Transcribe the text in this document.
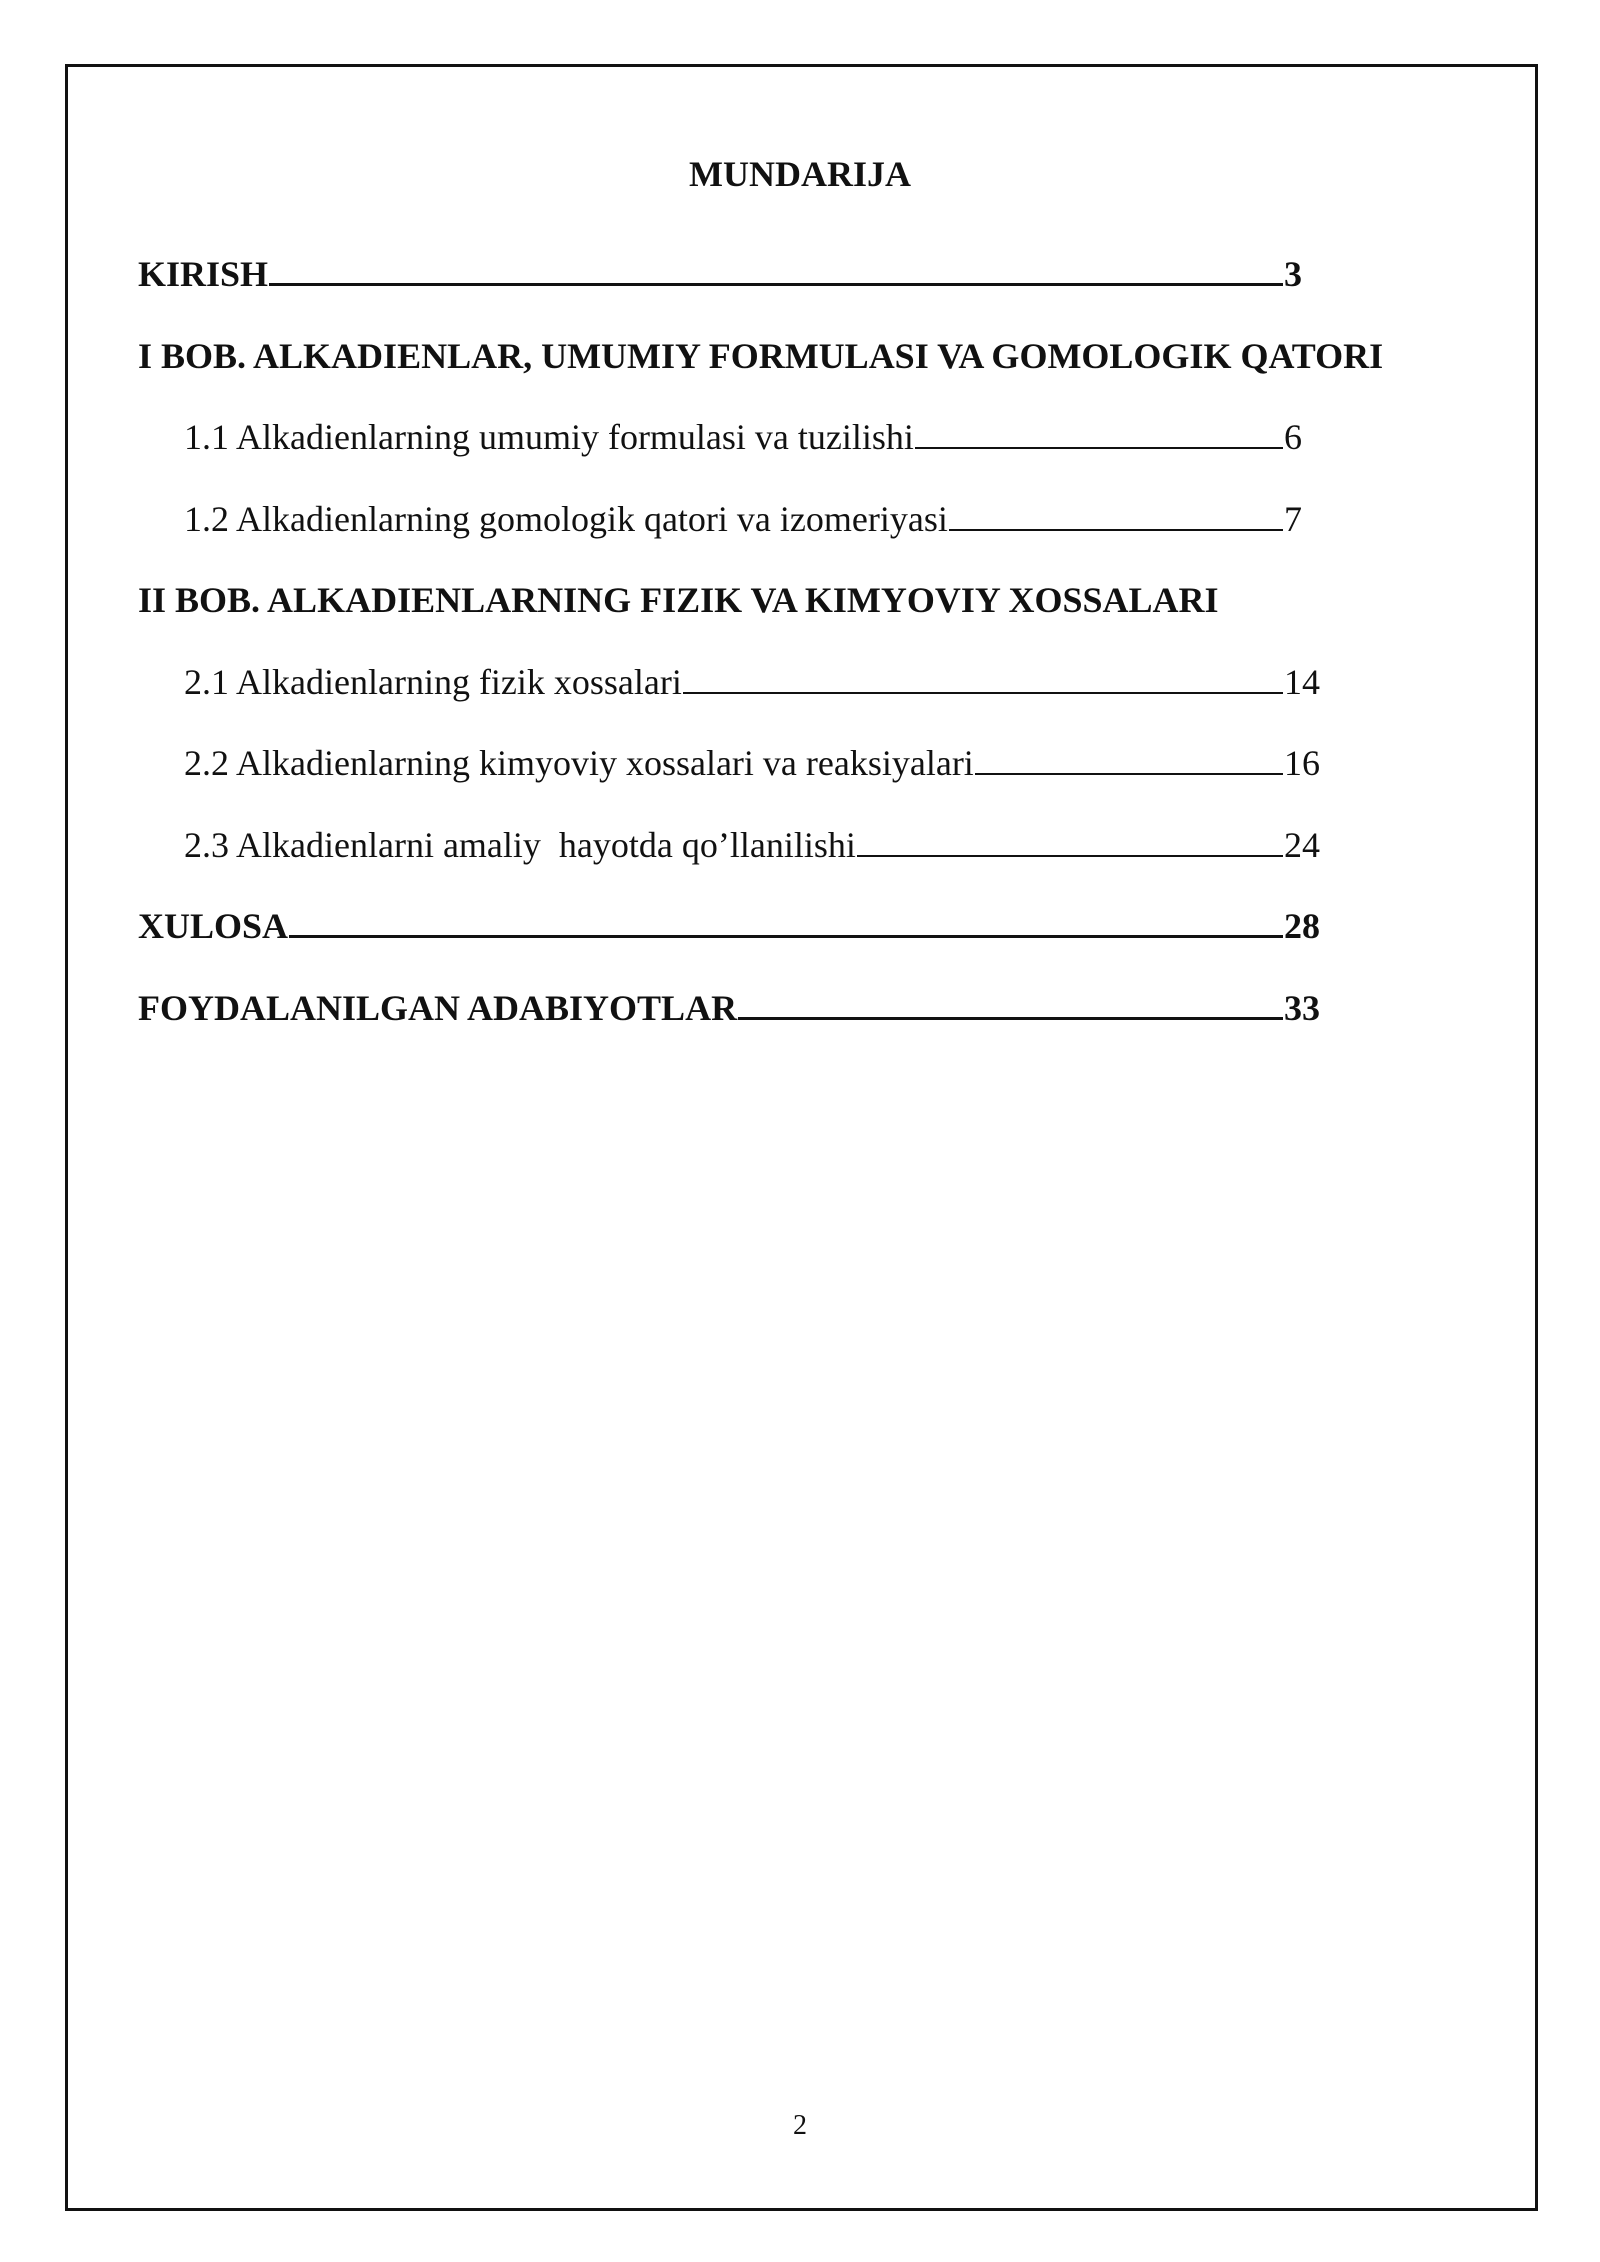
MUNDARIJA
KIRISH	3
I BOB. ALKADIENLAR, UMUMIY FORMULASI VA GOMOLOGIK QATORI
1.1 Alkadienlarning umumiy formulasi va tuzilishi	6
1.2 Alkadienlarning gomologik qatori va izomeriyasi	7
II BOB. ALKADIENLARNING FIZIK VA KIMYOVIY XOSSALARI
2.1 Alkadienlarning fizik xossalari	14
2.2 Alkadienlarning kimyoviy xossalari va reaksiyalari	16
2.3 Alkadienlarni amaliy  hayotda qo’llanilishi	24
XULOSA	28
FOYDALANILGAN ADABIYOTLAR	33
2
